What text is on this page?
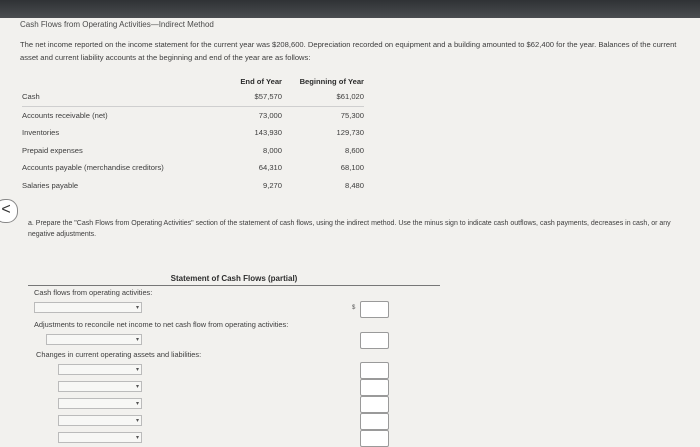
Cash Flows from Operating Activities—Indirect Method
The net income reported on the income statement for the current year was $208,600. Depreciation recorded on equipment and a building amounted to $62,400 for the year. Balances of the current asset and current liability accounts at the beginning and end of the year are as follows:
	End of Year	Beginning of Year
Cash	$57,570	$61,020
Accounts receivable (net)	73,000	75,300
Inventories	143,930	129,730
Prepaid expenses	8,000	8,600
Accounts payable (merchandise creditors)	64,310	68,100
Salaries payable	9,270	8,480
<
a. Prepare the "Cash Flows from Operating Activities" section of the statement of cash flows, using the indirect method. Use the minus sign to indicate cash outflows, cash payments, decreases in cash, or any negative adjustments.
Statement of Cash Flows (partial)
Cash flows from operating activities:
▾	$
Adjustments to reconcile net income to net cash flow from operating activities:
▾
Changes in current operating assets and liabilities:
▾
▾
▾
▾
▾
